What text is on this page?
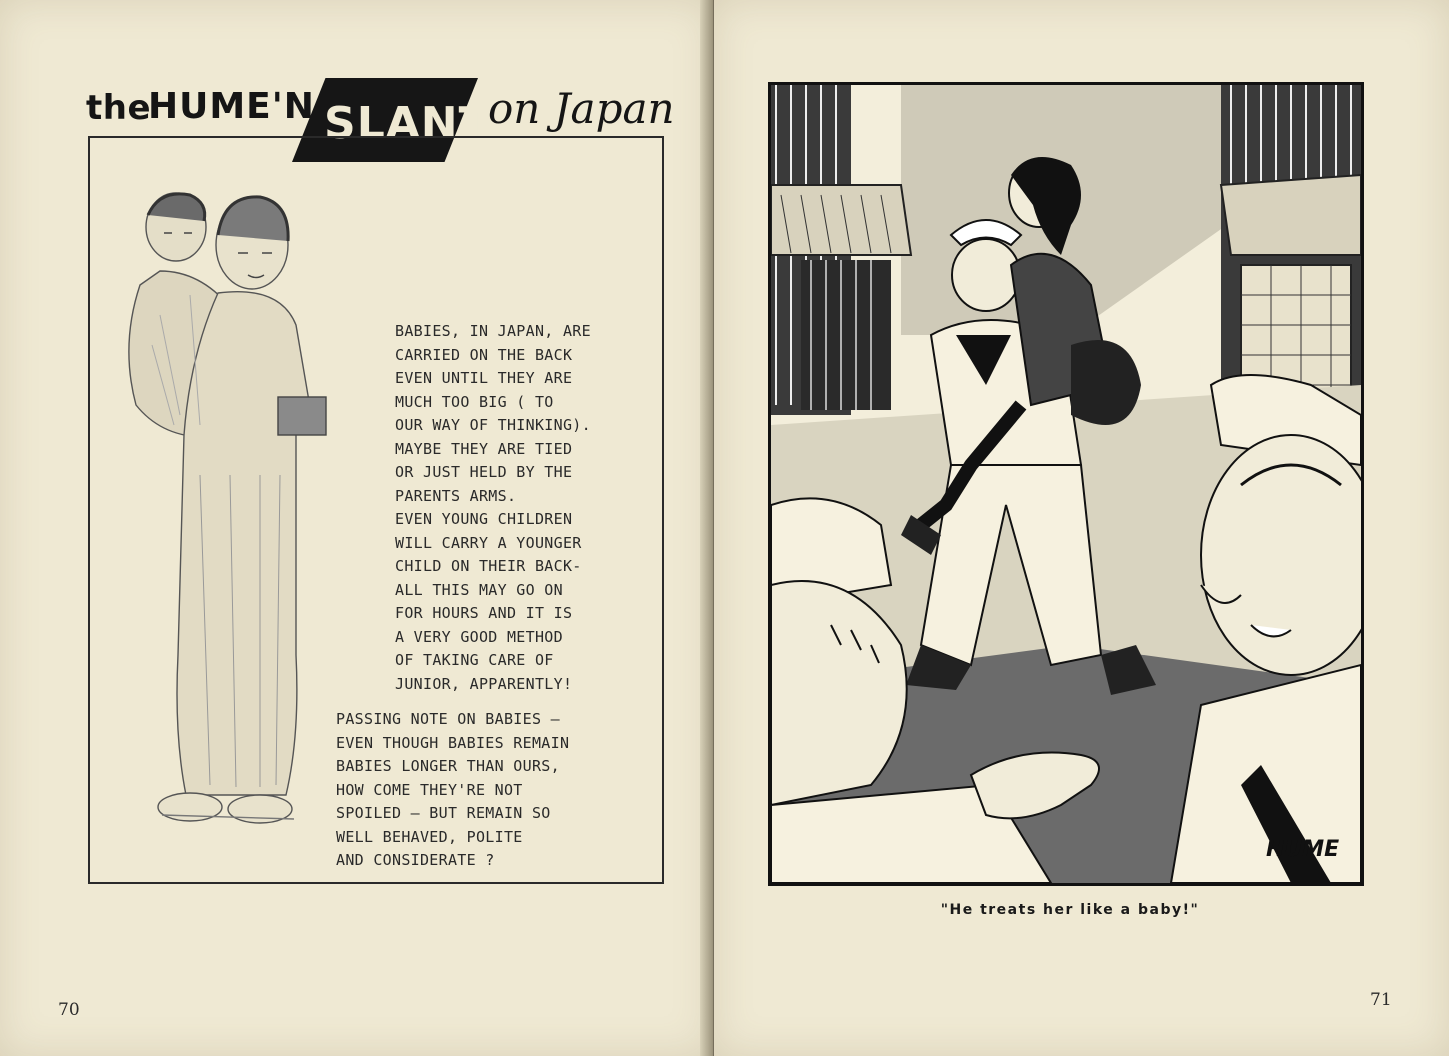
the
HUME'N SLANT
on Japan
BABIES, IN JAPAN, ARE
CARRIED ON THE BACK
EVEN UNTIL THEY ARE
MUCH TOO BIG ( TO
OUR WAY OF THINKING).
MAYBE THEY ARE TIED
OR JUST HELD BY THE
PARENTS ARMS.
EVEN YOUNG CHILDREN
WILL CARRY A YOUNGER
CHILD ON THEIR BACK-
ALL THIS MAY GO ON
FOR HOURS AND IT IS
A VERY GOOD METHOD
OF TAKING CARE OF
JUNIOR, APPARENTLY!
PASSING NOTE ON BABIES —
EVEN THOUGH BABIES REMAIN
BABIES LONGER THAN OURS,
HOW COME THEY'RE NOT
SPOILED — BUT REMAIN SO
WELL BEHAVED, POLITE
AND CONSIDERATE ?
70
HUME
"He treats her like a baby!"
71
